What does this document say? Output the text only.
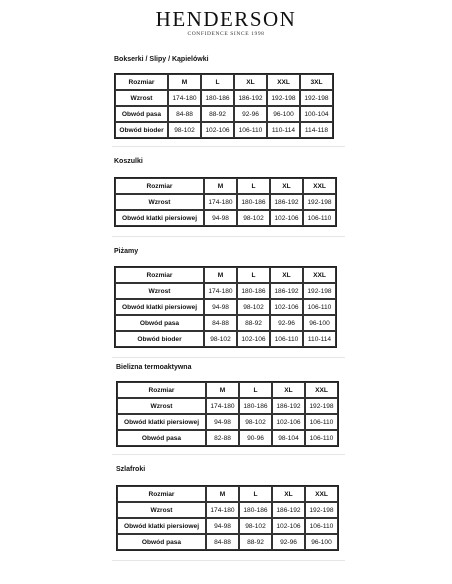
HENDERSON
CONFIDENCE SINCE 1998
Bokserki / Slipy / Kąpielówki
Rozmiar	M	L	XL	XXL	3XL
Wzrost	174-180	180-186	186-192	192-198	192-198
Obwód pasa	84-88	88-92	92-96	96-100	100-104
Obwód bioder	98-102	102-106	106-110	110-114	114-118
Koszulki
Rozmiar	M	L	XL	XXL
Wzrost	174-180	180-186	186-192	192-198
Obwód klatki piersiowej	94-98	98-102	102-106	106-110
Piżamy
Rozmiar	M	L	XL	XXL
Wzrost	174-180	180-186	186-192	192-198
Obwód klatki piersiowej	94-98	98-102	102-106	106-110
Obwód pasa	84-88	88-92	92-96	96-100
Obwód bioder	98-102	102-106	106-110	110-114
Bielizna termoaktywna
Rozmiar	M	L	XL	XXL
Wzrost	174-180	180-186	186-192	192-198
Obwód klatki piersiowej	94-98	98-102	102-106	106-110
Obwód pasa	82-88	90-96	98-104	106-110
Szlafroki
Rozmiar	M	L	XL	XXL
Wzrost	174-180	180-186	186-192	192-198
Obwód klatki piersiowej	94-98	98-102	102-106	106-110
Obwód pasa	84-88	88-92	92-96	96-100
